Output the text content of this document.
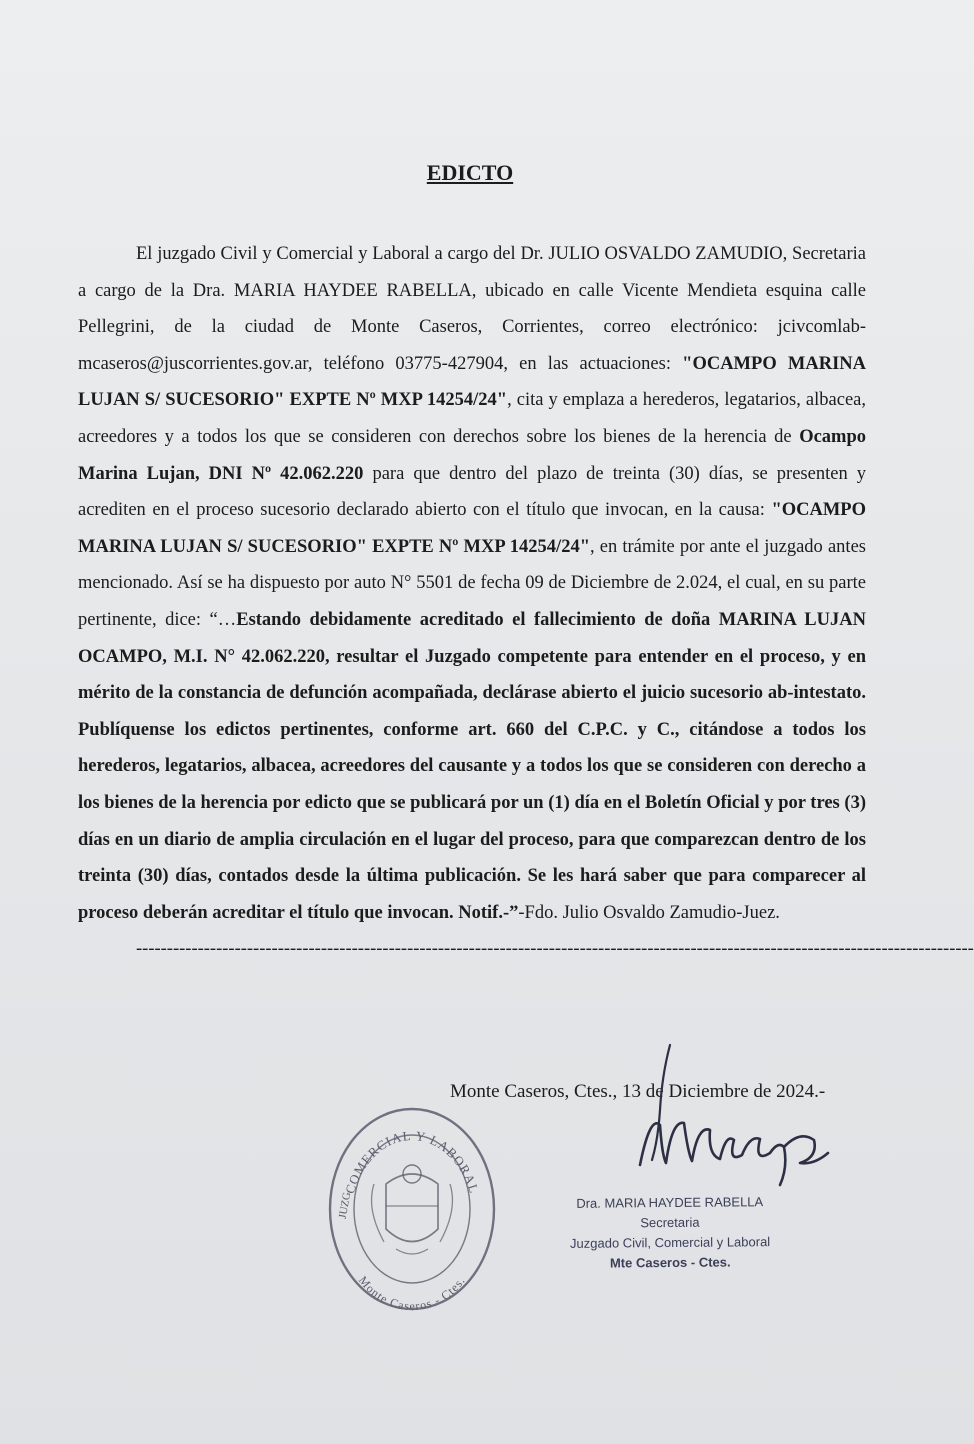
EDICTO

El juzgado Civil y Comercial y Laboral a cargo del Dr. JULIO OSVALDO ZAMUDIO, Secretaria a cargo de la Dra. MARIA HAYDEE RABELLA, ubicado en calle Vicente Mendieta esquina calle Pellegrini, de la ciudad de Monte Caseros, Corrientes, correo electrónico: jcivcomlab-mcaseros@juscorrientes.gov.ar, teléfono 03775-427904, en las actuaciones: "OCAMPO MARINA LUJAN S/ SUCESORIO" EXPTE Nº MXP 14254/24", cita y emplaza a herederos, legatarios, albacea, acreedores y a todos los que se consideren con derechos sobre los bienes de la herencia de Ocampo Marina Lujan, DNI Nº 42.062.220 para que dentro del plazo de treinta (30) días, se presenten y acrediten en el proceso sucesorio declarado abierto con el título que invocan, en la causa: "OCAMPO MARINA LUJAN S/ SUCESORIO" EXPTE Nº MXP 14254/24", en trámite por ante el juzgado antes mencionado. Así se ha dispuesto por auto N° 5501 de fecha 09 de Diciembre de 2.024, el cual, en su parte pertinente, dice: “…Estando debidamente acreditado el fallecimiento de doña MARINA LUJAN OCAMPO, M.I. N° 42.062.220, resultar el Juzgado competente para entender en el proceso, y en mérito de la constancia de defunción acompañada, declárase abierto el juicio sucesorio ab-intestato. Publíquense los edictos pertinentes, conforme art. 660 del C.P.C. y C., citándose a todos los herederos, legatarios, albacea, acreedores del causante y a todos los que se consideren con derecho a los bienes de la herencia por edicto que se publicará por un (1) día en el Boletín Oficial y por tres (3) días en un diario de amplia circulación en el lugar del proceso, para que comparezcan dentro de los treinta (30) días, contados desde la última publicación. Se les hará saber que para comparecer al proceso deberán acreditar el título que invocan. Notif.-”-Fdo. Julio Osvaldo Zamudio-Juez.
----------------------------------------------------------------------------------------------------------------------------------------

Monte Caseros, Ctes., 13 de Diciembre de 2024.-
COMERCIAL Y LABORAL
Monte Caseros - Ctes.
JUZG	Dra. MARIA HAYDEE RABELLA
Secretaria
Juzgado Civil, Comercial y Laboral
Mte Caseros - Ctes.
